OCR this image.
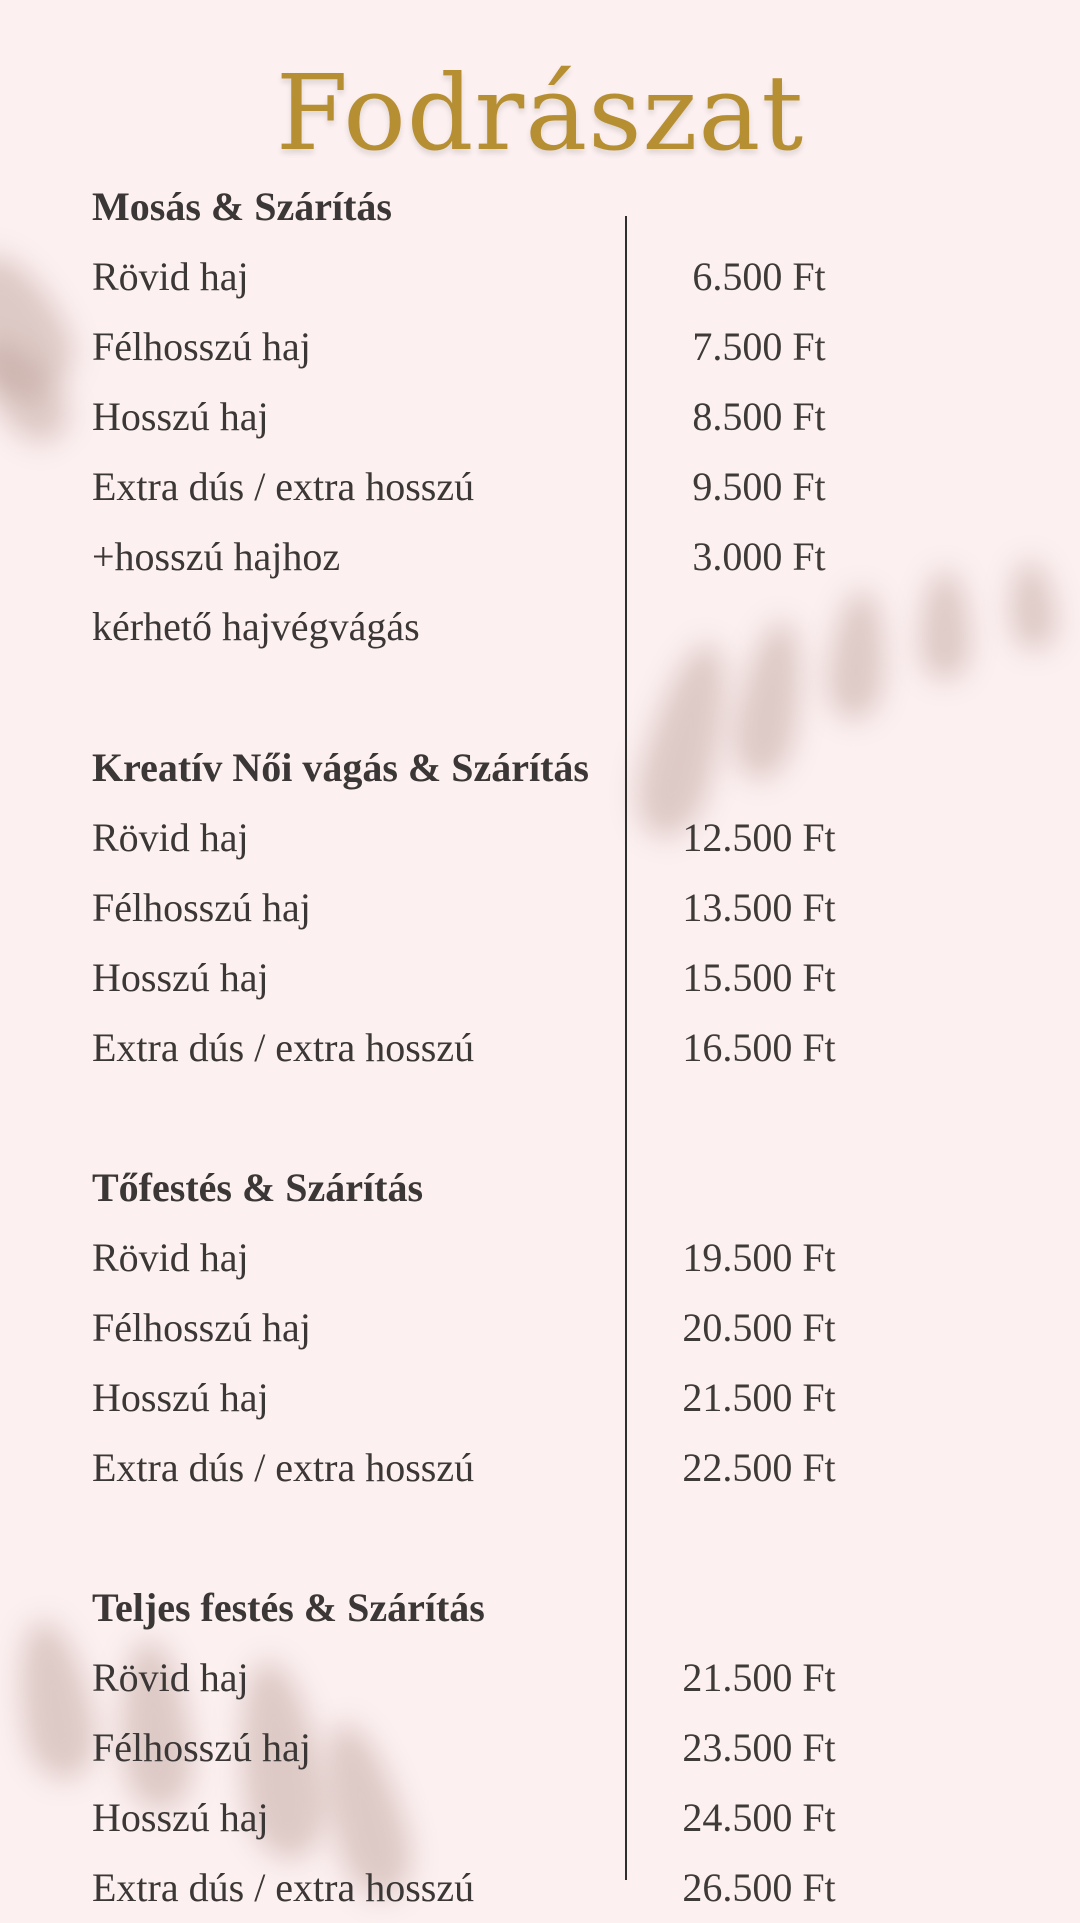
Fodrászat
Mosás & Szárítás
Rövid haj	6.500 Ft
Félhosszú haj	7.500 Ft
Hosszú haj	8.500 Ft
Extra dús / extra hosszú	9.500 Ft
+hosszú hajhoz	3.000 Ft
kérhető hajvégvágás
Kreatív Női vágás & Szárítás
Rövid haj	12.500 Ft
Félhosszú haj	13.500 Ft
Hosszú haj	15.500 Ft
Extra dús / extra hosszú	16.500 Ft
Tőfestés & Szárítás
Rövid haj	19.500 Ft
Félhosszú haj	20.500 Ft
Hosszú haj	21.500 Ft
Extra dús / extra hosszú	22.500 Ft
Teljes festés & Szárítás
Rövid haj	21.500 Ft
Félhosszú haj	23.500 Ft
Hosszú haj	24.500 Ft
Extra dús / extra hosszú	26.500 Ft
